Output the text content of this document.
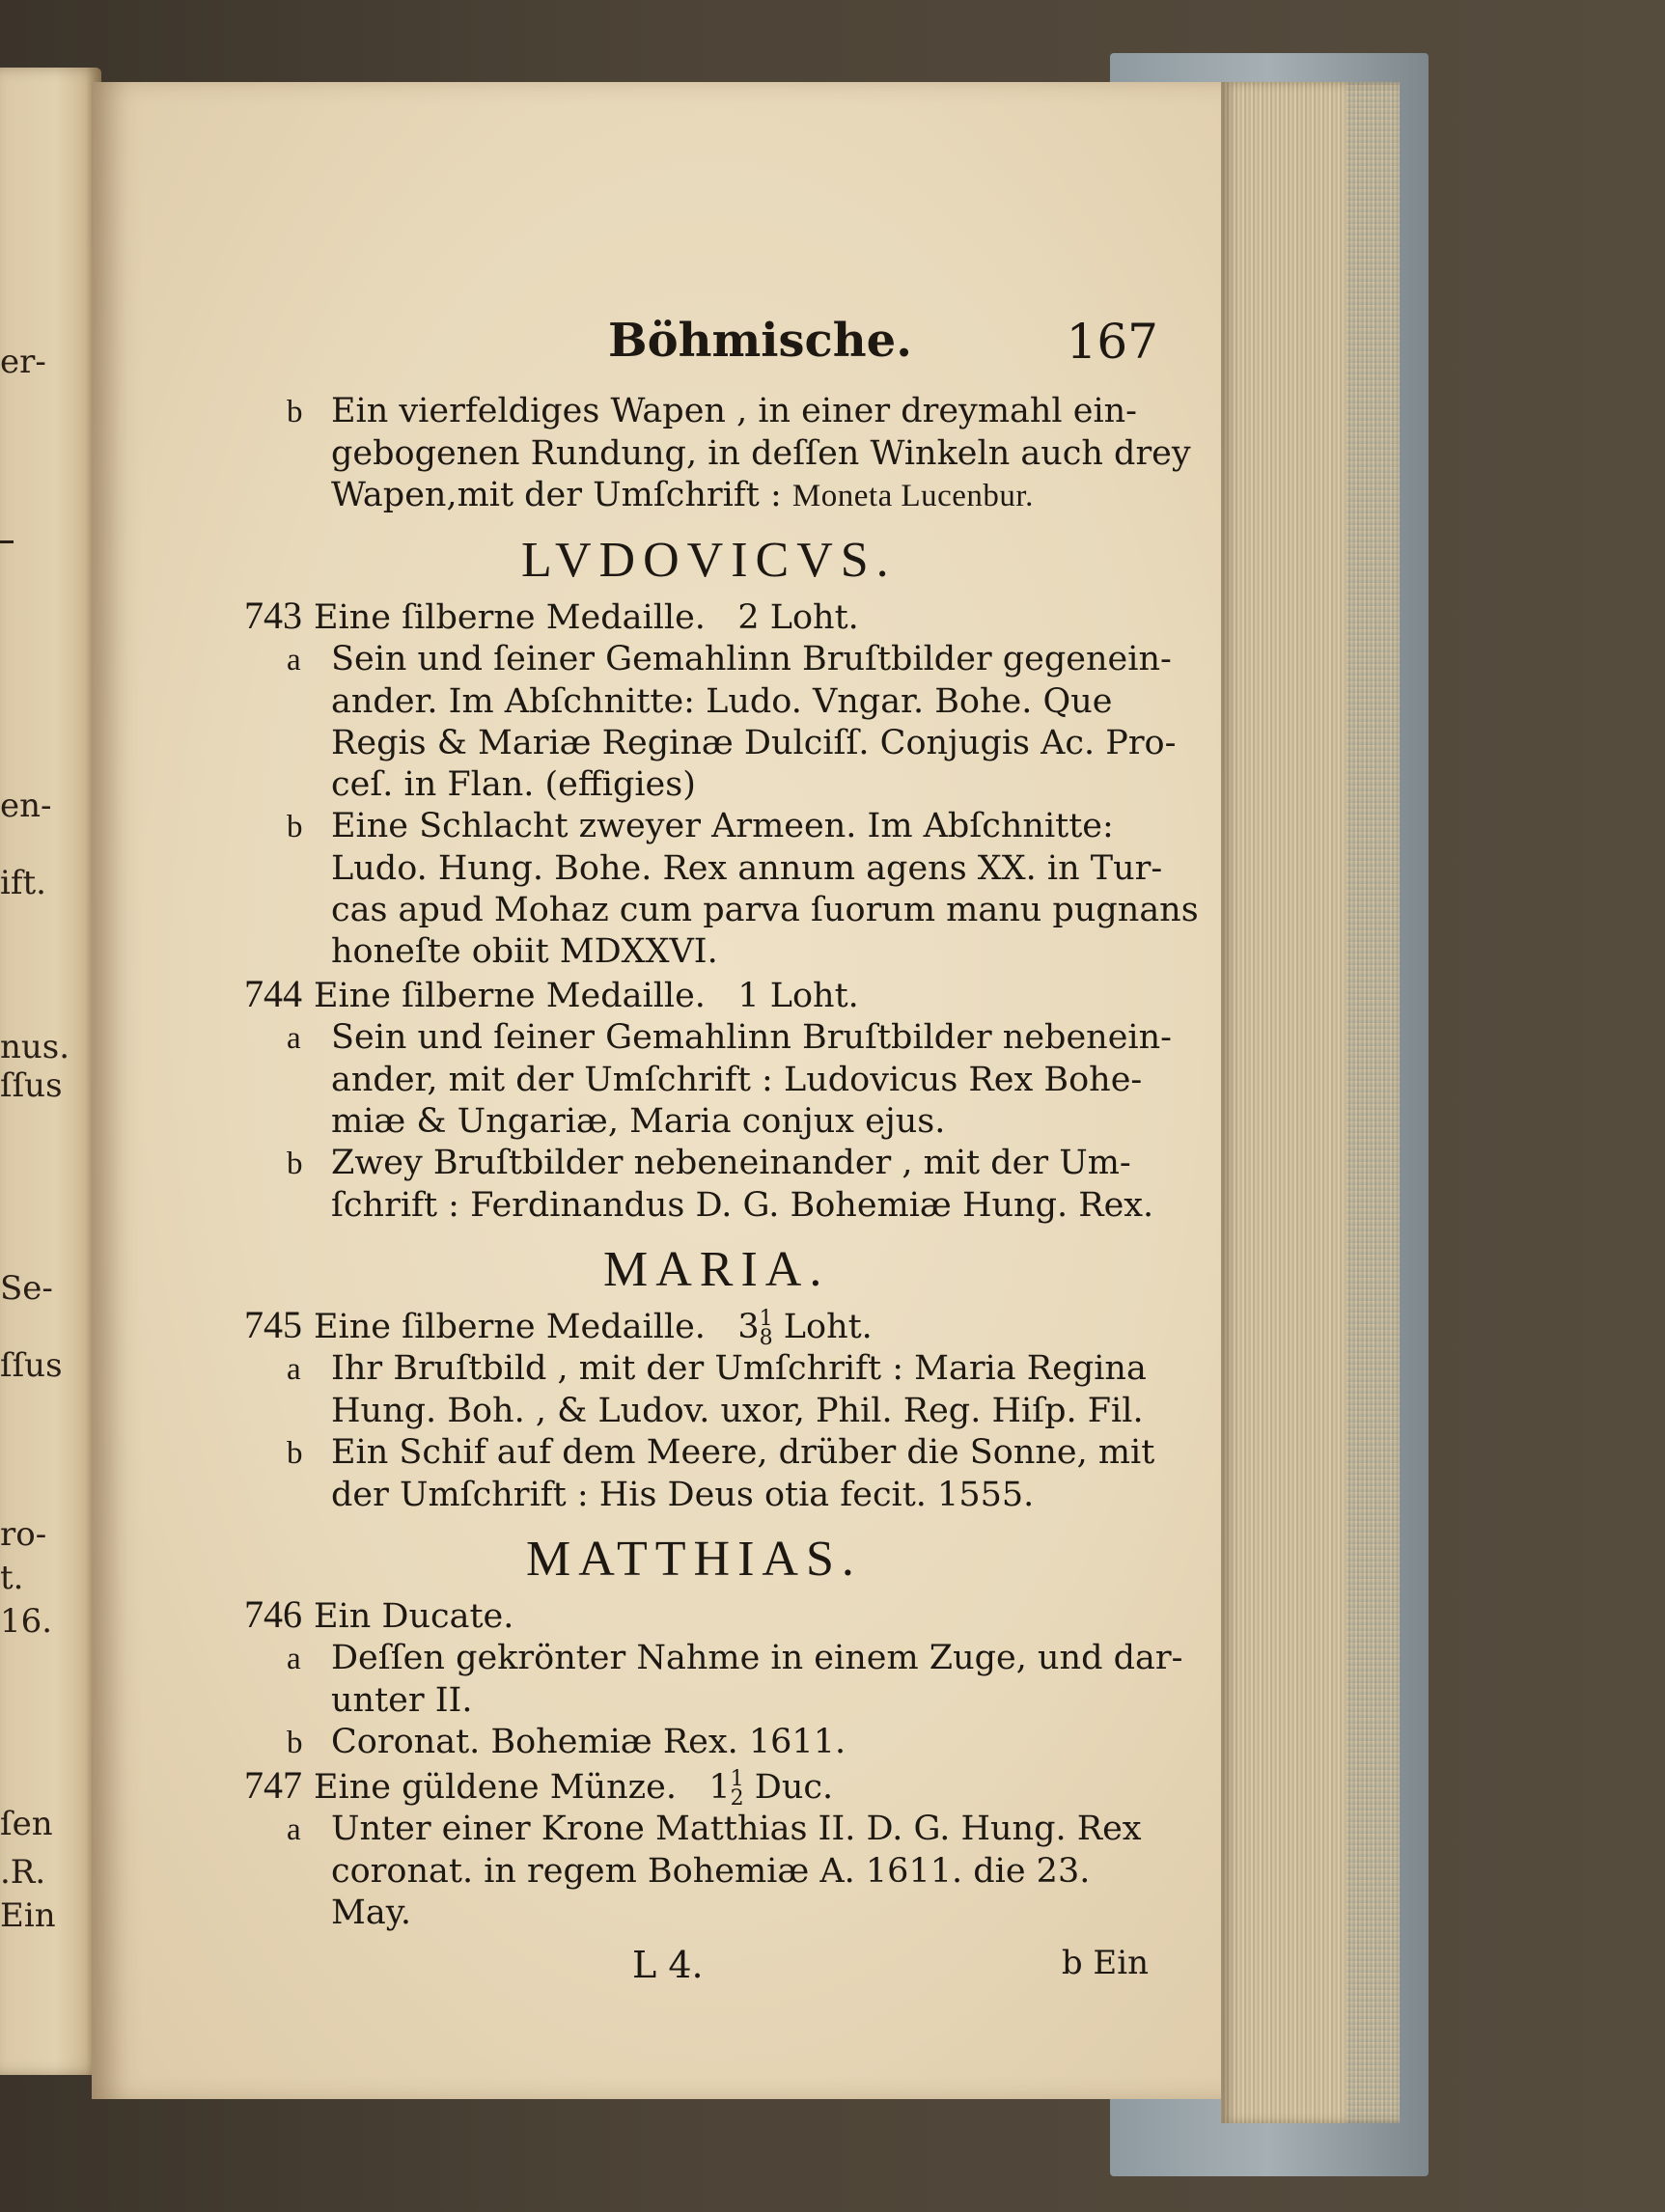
er-
en-
ift.
nus.
ſſus
Se-
ſſus
ro-
t.
16.
ſen
.R.
Ein
Böhmische.	167
b Ein vierfeldiges Wapen , in einer dreymahl ein-
gebogenen Rundung, in deſſen Winkeln auch drey
Wapen,mit der Umſchrift : Moneta Lucenbur.
LVDOVICVS.
743 Eine ſilberne Medaille. 2 Loht.
a Sein und ſeiner Gemahlinn Bruſtbilder gegenein-
ander. Im Abſchnitte: Ludo. Vngar. Bohe. Que
Regis & Mariæ Reginæ Dulciſſ. Conjugis Ac. Pro-
ceſ. in Flan. (effigies)
b Eine Schlacht zweyer Armeen. Im Abſchnitte:
Ludo. Hung. Bohe. Rex annum agens XX. in Tur-
cas apud Mohaz cum parva ſuorum manu pugnans
honeſte obiit MDXXVI.
744 Eine ſilberne Medaille. 1 Loht.
a Sein und ſeiner Gemahlinn Bruſtbilder nebenein-
ander, mit der Umſchrift : Ludovicus Rex Bohe-
miæ & Ungariæ, Maria conjux ejus.
b Zwey Bruſtbilder nebeneinander , mit der Um-
ſchrift : Ferdinandus D. G. Bohemiæ Hung. Rex.
MARIA.
745 Eine ſilberne Medaille. 31
8 Loht.
a Ihr Bruſtbild , mit der Umſchrift : Maria Regina
Hung. Boh. , & Ludov. uxor, Phil. Reg. Hiſp. Fil.
b Ein Schif auf dem Meere, drüber die Sonne, mit
der Umſchrift : His Deus otia fecit. 1555.
MATTHIAS.
746 Ein Ducate.
a Deſſen gekrönter Nahme in einem Zuge, und dar-
unter II.
b Coronat. Bohemiæ Rex. 1611.
747 Eine güldene Münze. 11
2 Duc.
a Unter einer Krone Matthias II. D. G. Hung. Rex
coronat. in regem Bohemiæ A. 1611. die 23.
May.
L 4.	b Ein
